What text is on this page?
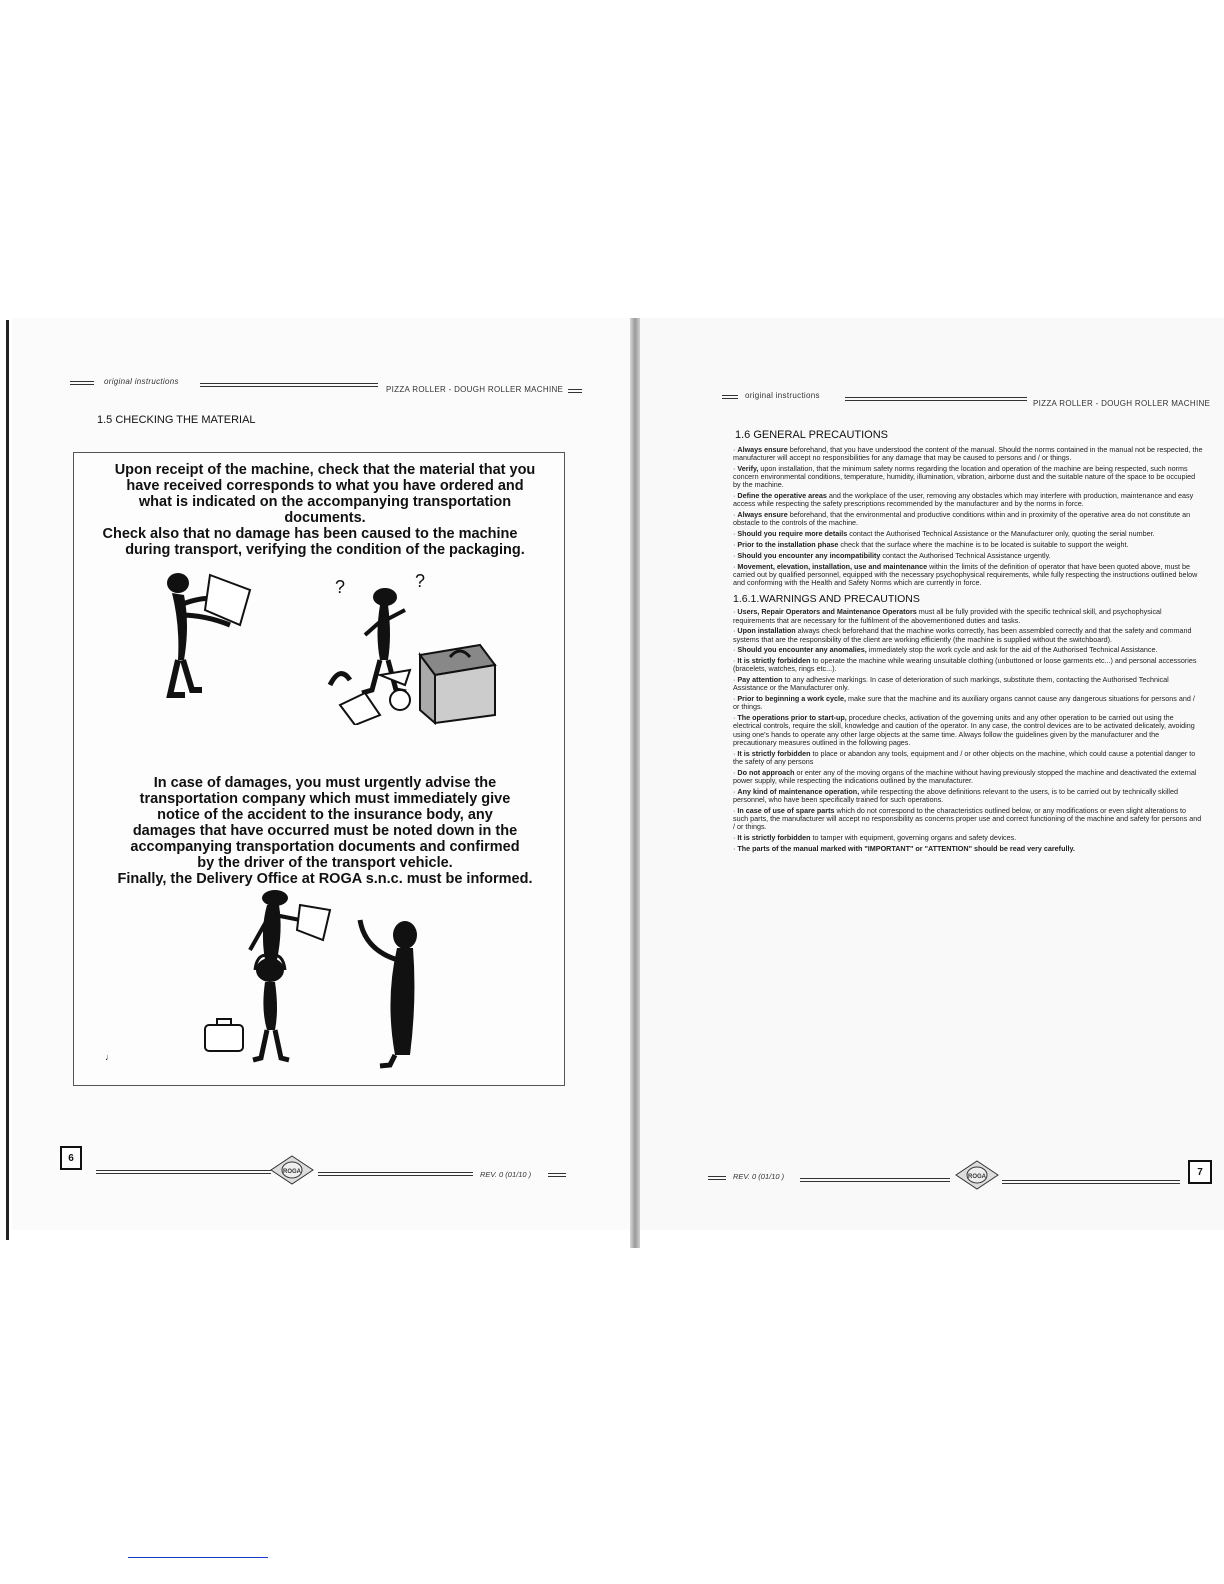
original instructions
PIZZA ROLLER - DOUGH ROLLER MACHINE
1.5 CHECKING THE MATERIAL
Upon receipt of the machine, check that the material that you
have received corresponds to what you have ordered and
what is indicated on the accompanying transportation
documents.
Check also that no damage has been caused to the machine
during transport, verifying the condition of the packaging.
?	?
In case of damages, you must urgently advise the
transportation company which must immediately give
notice of the accident to the insurance body, any
damages that have occurred must be noted down in the
accompanying transportation documents and confirmed
by the driver of the transport vehicle.
Finally, the Delivery Office at ROGA s.n.c. must be informed.
♩
6
ROGA	REV. 0 (01/10 )
original instructions
PIZZA ROLLER - DOUGH ROLLER MACHINE
1.6 GENERAL PRECAUTIONS

· Always ensure beforehand, that you have understood the content of the manual. Should the norms contained in the manual not be respected, the manufacturer will accept no responsibilities for any damage that may be caused to persons and / or things.

· Verify, upon installation, that the minimum safety norms regarding the location and operation of the machine are being respected, such norms concern environmental conditions, temperature, humidity, illumination, vibration, airborne dust and the suitable nature of the space to be occupied by the machine.

· Define the operative areas and the workplace of the user, removing any obstacles which may interfere with production, maintenance and easy access while respecting the safety prescriptions recommended by the manufacturer and by the norms in force.

· Always ensure beforehand, that the environmental and productive conditions within and in proximity of the operative area do not constitute an obstacle to the controls of the machine.

· Should you require more details contact the Authorised Technical Assistance or the Manufacturer only, quoting the serial number.

· Prior to the installation phase check that the surface where the machine is to be located is suitable to support the weight.

· Should you encounter any incompatibility contact the Authorised Technical Assistance urgently.

· Movement, elevation, installation, use and maintenance within the limits of the definition of operator that have been quoted above, must be carried out by qualified personnel, equipped with the necessary psychophysical requirements, while fully respecting the instructions outlined below and conforming with the Health and Safety Norms which are currently in force.

1.6.1.WARNINGS AND PRECAUTIONS

· Users, Repair Operators and Maintenance Operators must all be fully provided with the specific technical skill, and psychophysical requirements that are necessary for the fulfilment of the abovementioned duties and tasks.

· Upon installation always check beforehand that the machine works correctly, has been assembled correctly and that the safety and command systems that are the responsibility of the client are working efficiently (the machine is supplied without the switchboard).

· Should you encounter any anomalies, immediately stop the work cycle and ask for the aid of the Authorised Technical Assistance.

· It is strictly forbidden to operate the machine while wearing unsuitable clothing (unbuttoned or loose garments etc...) and personal accessories (bracelets, watches, rings etc...).

· Pay attention to any adhesive markings. In case of deterioration of such markings, substitute them, contacting the Authorised Technical Assistance or the Manufacturer only.

· Prior to beginning a work cycle, make sure that the machine and its auxiliary organs cannot cause any dangerous situations for persons and / or things.

· The operations prior to start-up, procedure checks, activation of the governing units and any other operation to be carried out using the electrical controls, require the skill, knowledge and caution of the operator. In any case, the control devices are to be activated delicately, avoiding using one's hands to operate any other large objects at the same time. Always follow the guidelines given by the manufacturer and the precautionary measures outlined in the following pages.

· It is strictly forbidden to place or abandon any tools, equipment and / or other objects on the machine, which could cause a potential danger to the safety of any persons

· Do not approach or enter any of the moving organs of the machine without having previously stopped the machine and deactivated the external power supply, while respecting the indications outlined by the manufacturer.

· Any kind of maintenance operation, while respecting the above definitions relevant to the users, is to be carried out by technically skilled personnel, who have been specifically trained for such operations.

· In case of use of spare parts which do not correspond to the characteristics outlined below, or any modifications or even slight alterations to such parts, the manufacturer will accept no responsibility as concerns proper use and correct functioning of the machine and safety for persons and / or things.

· It is strictly forbidden to tamper with equipment, governing organs and safety devices.

· The parts of the manual marked with "IMPORTANT" or "ATTENTION" should be read very carefully.

REV. 0 (01/10 )	ROGA	7
